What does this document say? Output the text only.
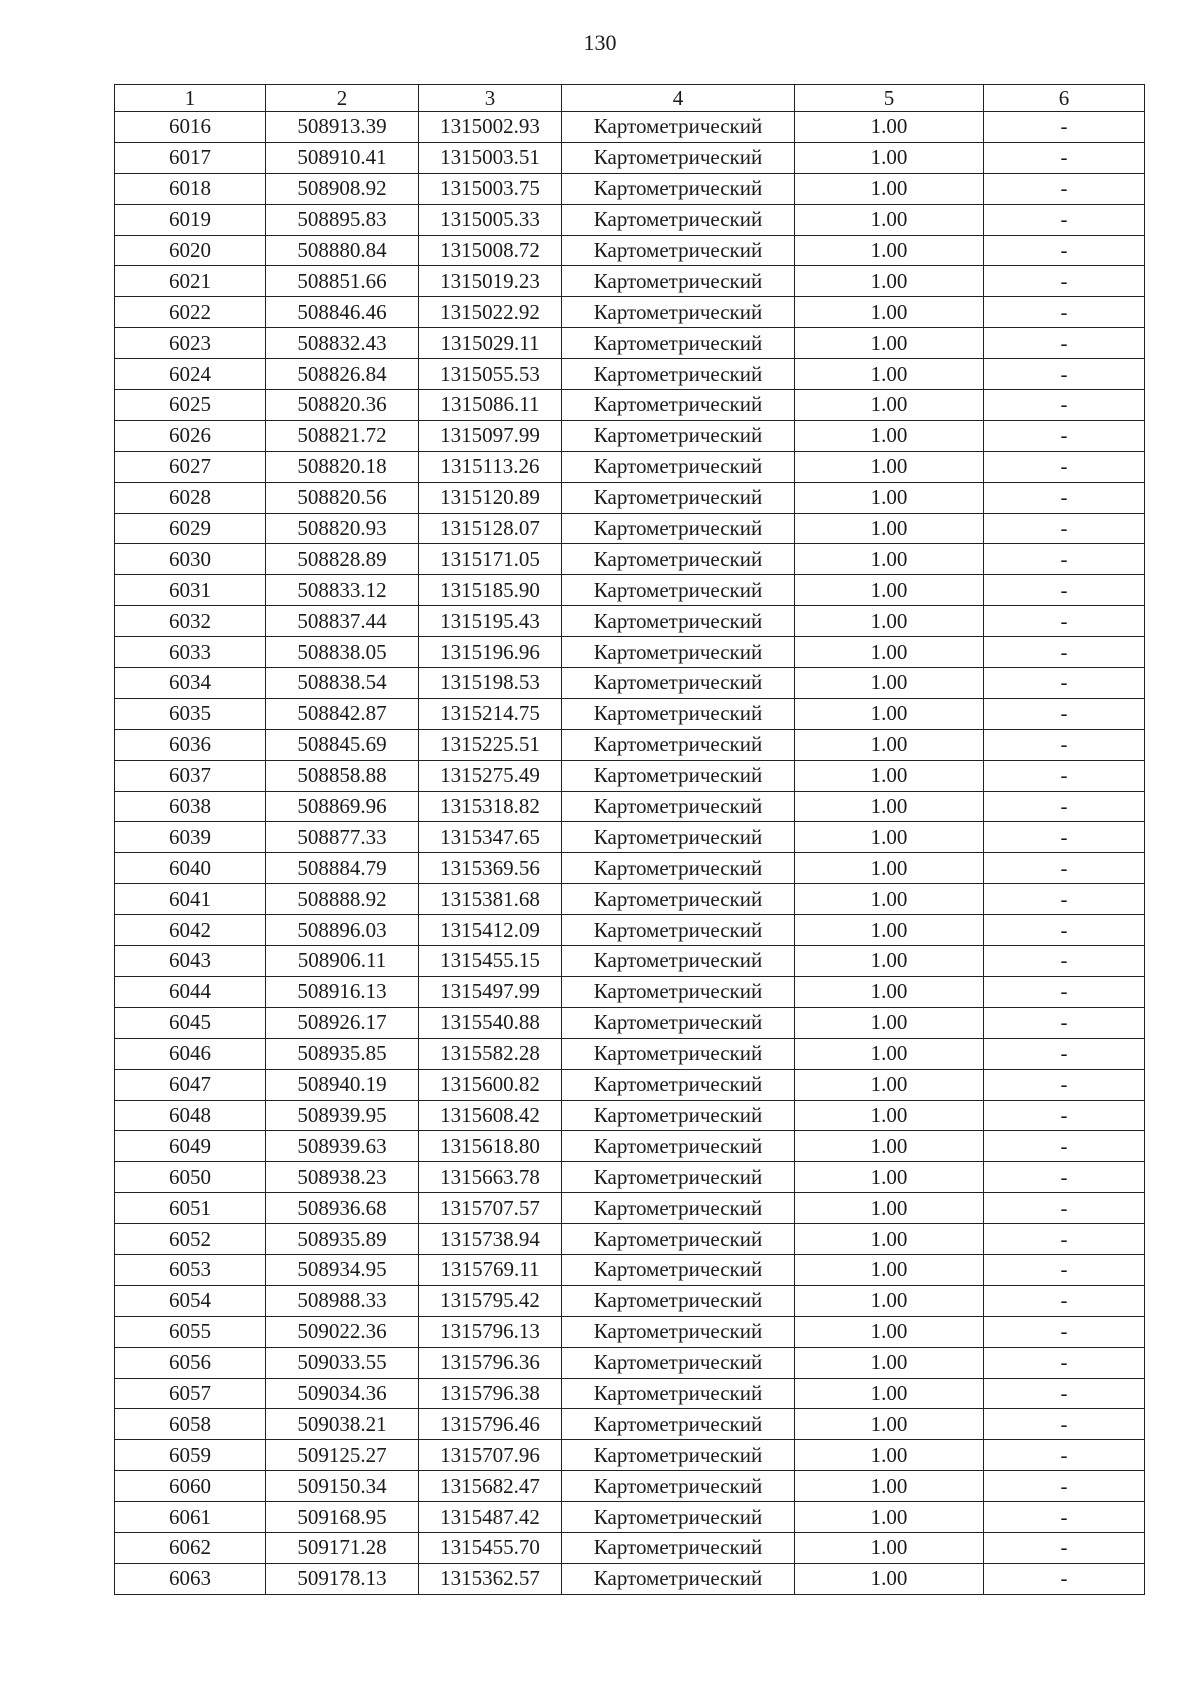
130
1	2	3	4	5	6
6016	508913.39	1315002.93	Картометрический	1.00	-
6017	508910.41	1315003.51	Картометрический	1.00	-
6018	508908.92	1315003.75	Картометрический	1.00	-
6019	508895.83	1315005.33	Картометрический	1.00	-
6020	508880.84	1315008.72	Картометрический	1.00	-
6021	508851.66	1315019.23	Картометрический	1.00	-
6022	508846.46	1315022.92	Картометрический	1.00	-
6023	508832.43	1315029.11	Картометрический	1.00	-
6024	508826.84	1315055.53	Картометрический	1.00	-
6025	508820.36	1315086.11	Картометрический	1.00	-
6026	508821.72	1315097.99	Картометрический	1.00	-
6027	508820.18	1315113.26	Картометрический	1.00	-
6028	508820.56	1315120.89	Картометрический	1.00	-
6029	508820.93	1315128.07	Картометрический	1.00	-
6030	508828.89	1315171.05	Картометрический	1.00	-
6031	508833.12	1315185.90	Картометрический	1.00	-
6032	508837.44	1315195.43	Картометрический	1.00	-
6033	508838.05	1315196.96	Картометрический	1.00	-
6034	508838.54	1315198.53	Картометрический	1.00	-
6035	508842.87	1315214.75	Картометрический	1.00	-
6036	508845.69	1315225.51	Картометрический	1.00	-
6037	508858.88	1315275.49	Картометрический	1.00	-
6038	508869.96	1315318.82	Картометрический	1.00	-
6039	508877.33	1315347.65	Картометрический	1.00	-
6040	508884.79	1315369.56	Картометрический	1.00	-
6041	508888.92	1315381.68	Картометрический	1.00	-
6042	508896.03	1315412.09	Картометрический	1.00	-
6043	508906.11	1315455.15	Картометрический	1.00	-
6044	508916.13	1315497.99	Картометрический	1.00	-
6045	508926.17	1315540.88	Картометрический	1.00	-
6046	508935.85	1315582.28	Картометрический	1.00	-
6047	508940.19	1315600.82	Картометрический	1.00	-
6048	508939.95	1315608.42	Картометрический	1.00	-
6049	508939.63	1315618.80	Картометрический	1.00	-
6050	508938.23	1315663.78	Картометрический	1.00	-
6051	508936.68	1315707.57	Картометрический	1.00	-
6052	508935.89	1315738.94	Картометрический	1.00	-
6053	508934.95	1315769.11	Картометрический	1.00	-
6054	508988.33	1315795.42	Картометрический	1.00	-
6055	509022.36	1315796.13	Картометрический	1.00	-
6056	509033.55	1315796.36	Картометрический	1.00	-
6057	509034.36	1315796.38	Картометрический	1.00	-
6058	509038.21	1315796.46	Картометрический	1.00	-
6059	509125.27	1315707.96	Картометрический	1.00	-
6060	509150.34	1315682.47	Картометрический	1.00	-
6061	509168.95	1315487.42	Картометрический	1.00	-
6062	509171.28	1315455.70	Картометрический	1.00	-
6063	509178.13	1315362.57	Картометрический	1.00	-
